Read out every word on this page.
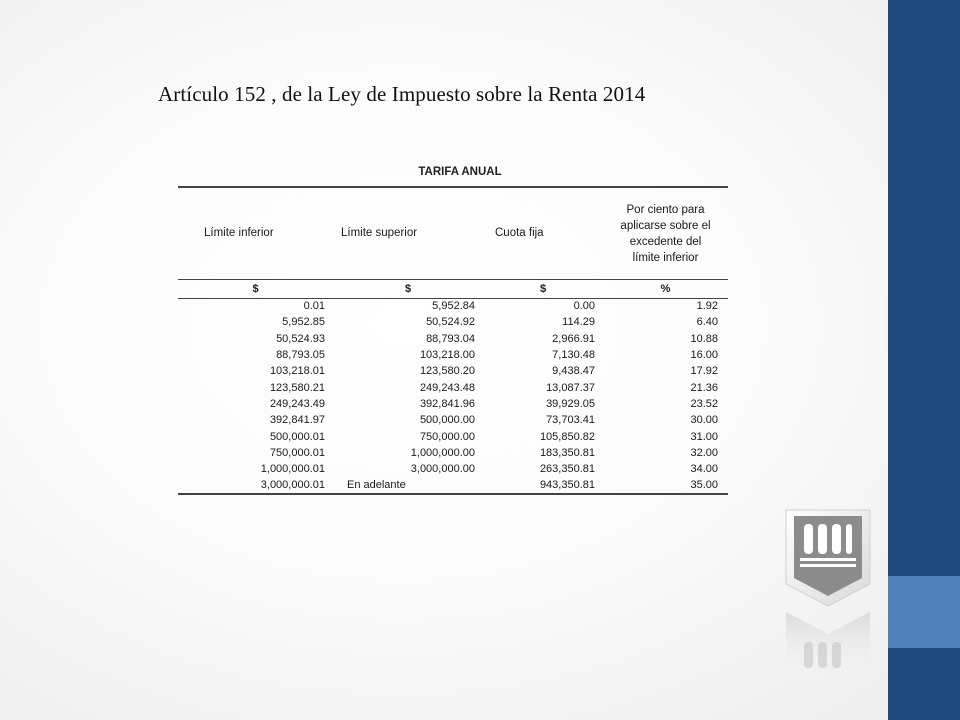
Artículo 152 , de la Ley de Impuesto sobre la Renta 2014
TARIFA ANUAL
Límite inferior	Límite superior	Cuota fija	Por ciento para
aplicarse sobre el
excedente del
límite inferior
$	$	$	%
0.01	5,952.84	0.00	1.92
5,952.85	50,524.92	114.29	6.40
50,524.93	88,793.04	2,966.91	10.88
88,793.05	103,218.00	7,130.48	16.00
103,218.01	123,580.20	9,438.47	17.92
123,580.21	249,243.48	13,087.37	21.36
249,243.49	392,841.96	39,929.05	23.52
392,841.97	500,000.00	73,703.41	30.00
500,000.01	750,000.00	105,850.82	31.00
750,000.01	1,000,000.00	183,350.81	32.00
1,000,000.01	3,000,000.00	263,350.81	34.00
3,000,000.01	En adelante	943,350.81	35.00
